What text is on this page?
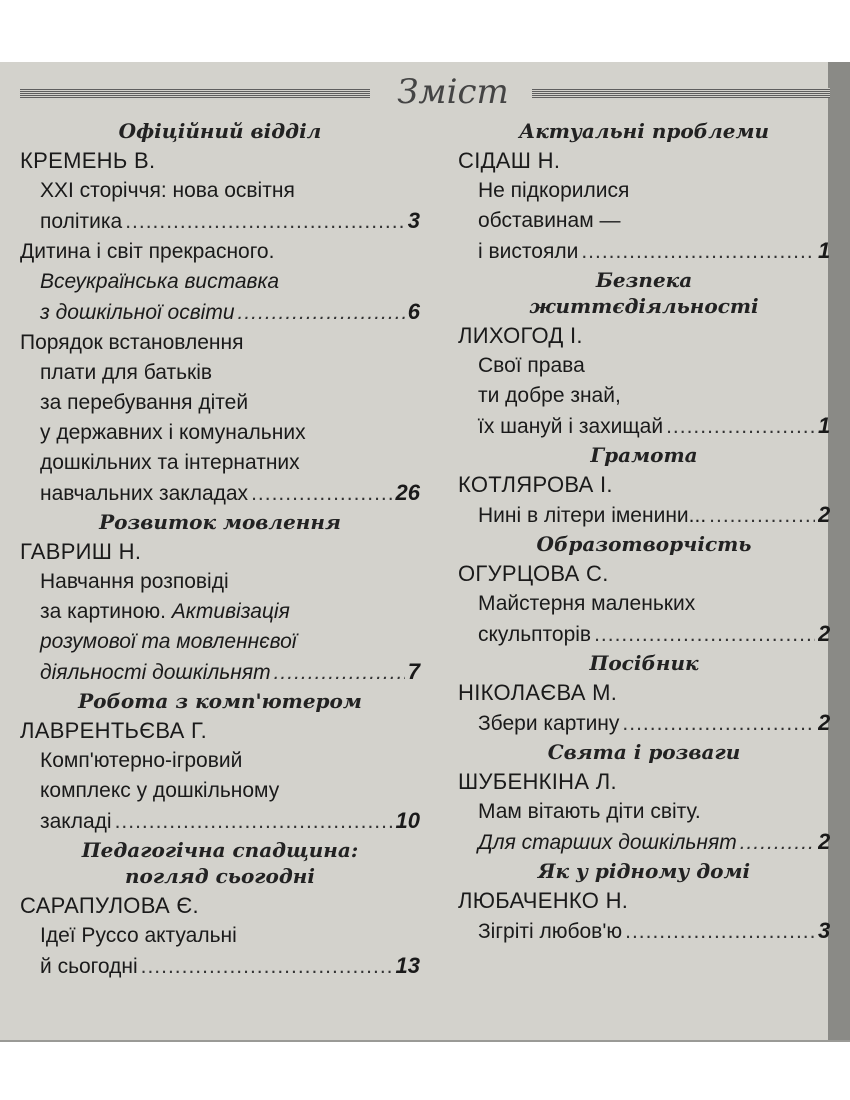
Зміст
Офіційний відділ
КРЕМЕНЬ В.
XXI сторіччя: нова освітня
політика .....	3
Дитина і світ прекрасного.
Всеукраїнська виставка
з дошкільної освіти .....	6
Порядок встановлення
плати для батьків
за перебування дітей
у державних і комунальних
дошкільних та інтернатних
навчальних закладах .....	26
Розвиток мовлення
ГАВРИШ Н.
Навчання розповіді
за картиною. Активізація
розумової та мовленнєвої
діяльності дошкільнят .....	7
Робота з комп'ютером
ЛАВРЕНТЬЄВА Г.
Комп'ютерно-ігровий
комплекс у дошкільному
закладі .....	10
Педагогічна спадщина:
погляд сьогодні
САРАПУЛОВА Є.
Ідеї Руссо актуальні
й сьогодні .....	13
Актуальні проблеми
СІДАШ Н.
Не підкорилися
обставинам —
і вистояли .....	1
Безпека
життєдіяльності
ЛИХОГОД І.
Свої права
ти добре знай,
їх шануй і захищай .....	1
Грамота
КОТЛЯРОВА І.
Нині в літери іменини... .....	2
Образотворчість
ОГУРЦОВА С.
Майстерня маленьких
скульпторів .....	2
Посібник
НІКОЛАЄВА М.
Збери картину .....	2
Свята і розваги
ШУБЕНКІНА Л.
Мам вітають діти світу.
Для старших дошкільнят .....	2
Як у рідному домі
ЛЮБАЧЕНКО Н.
Зігріті любов'ю .....	3
